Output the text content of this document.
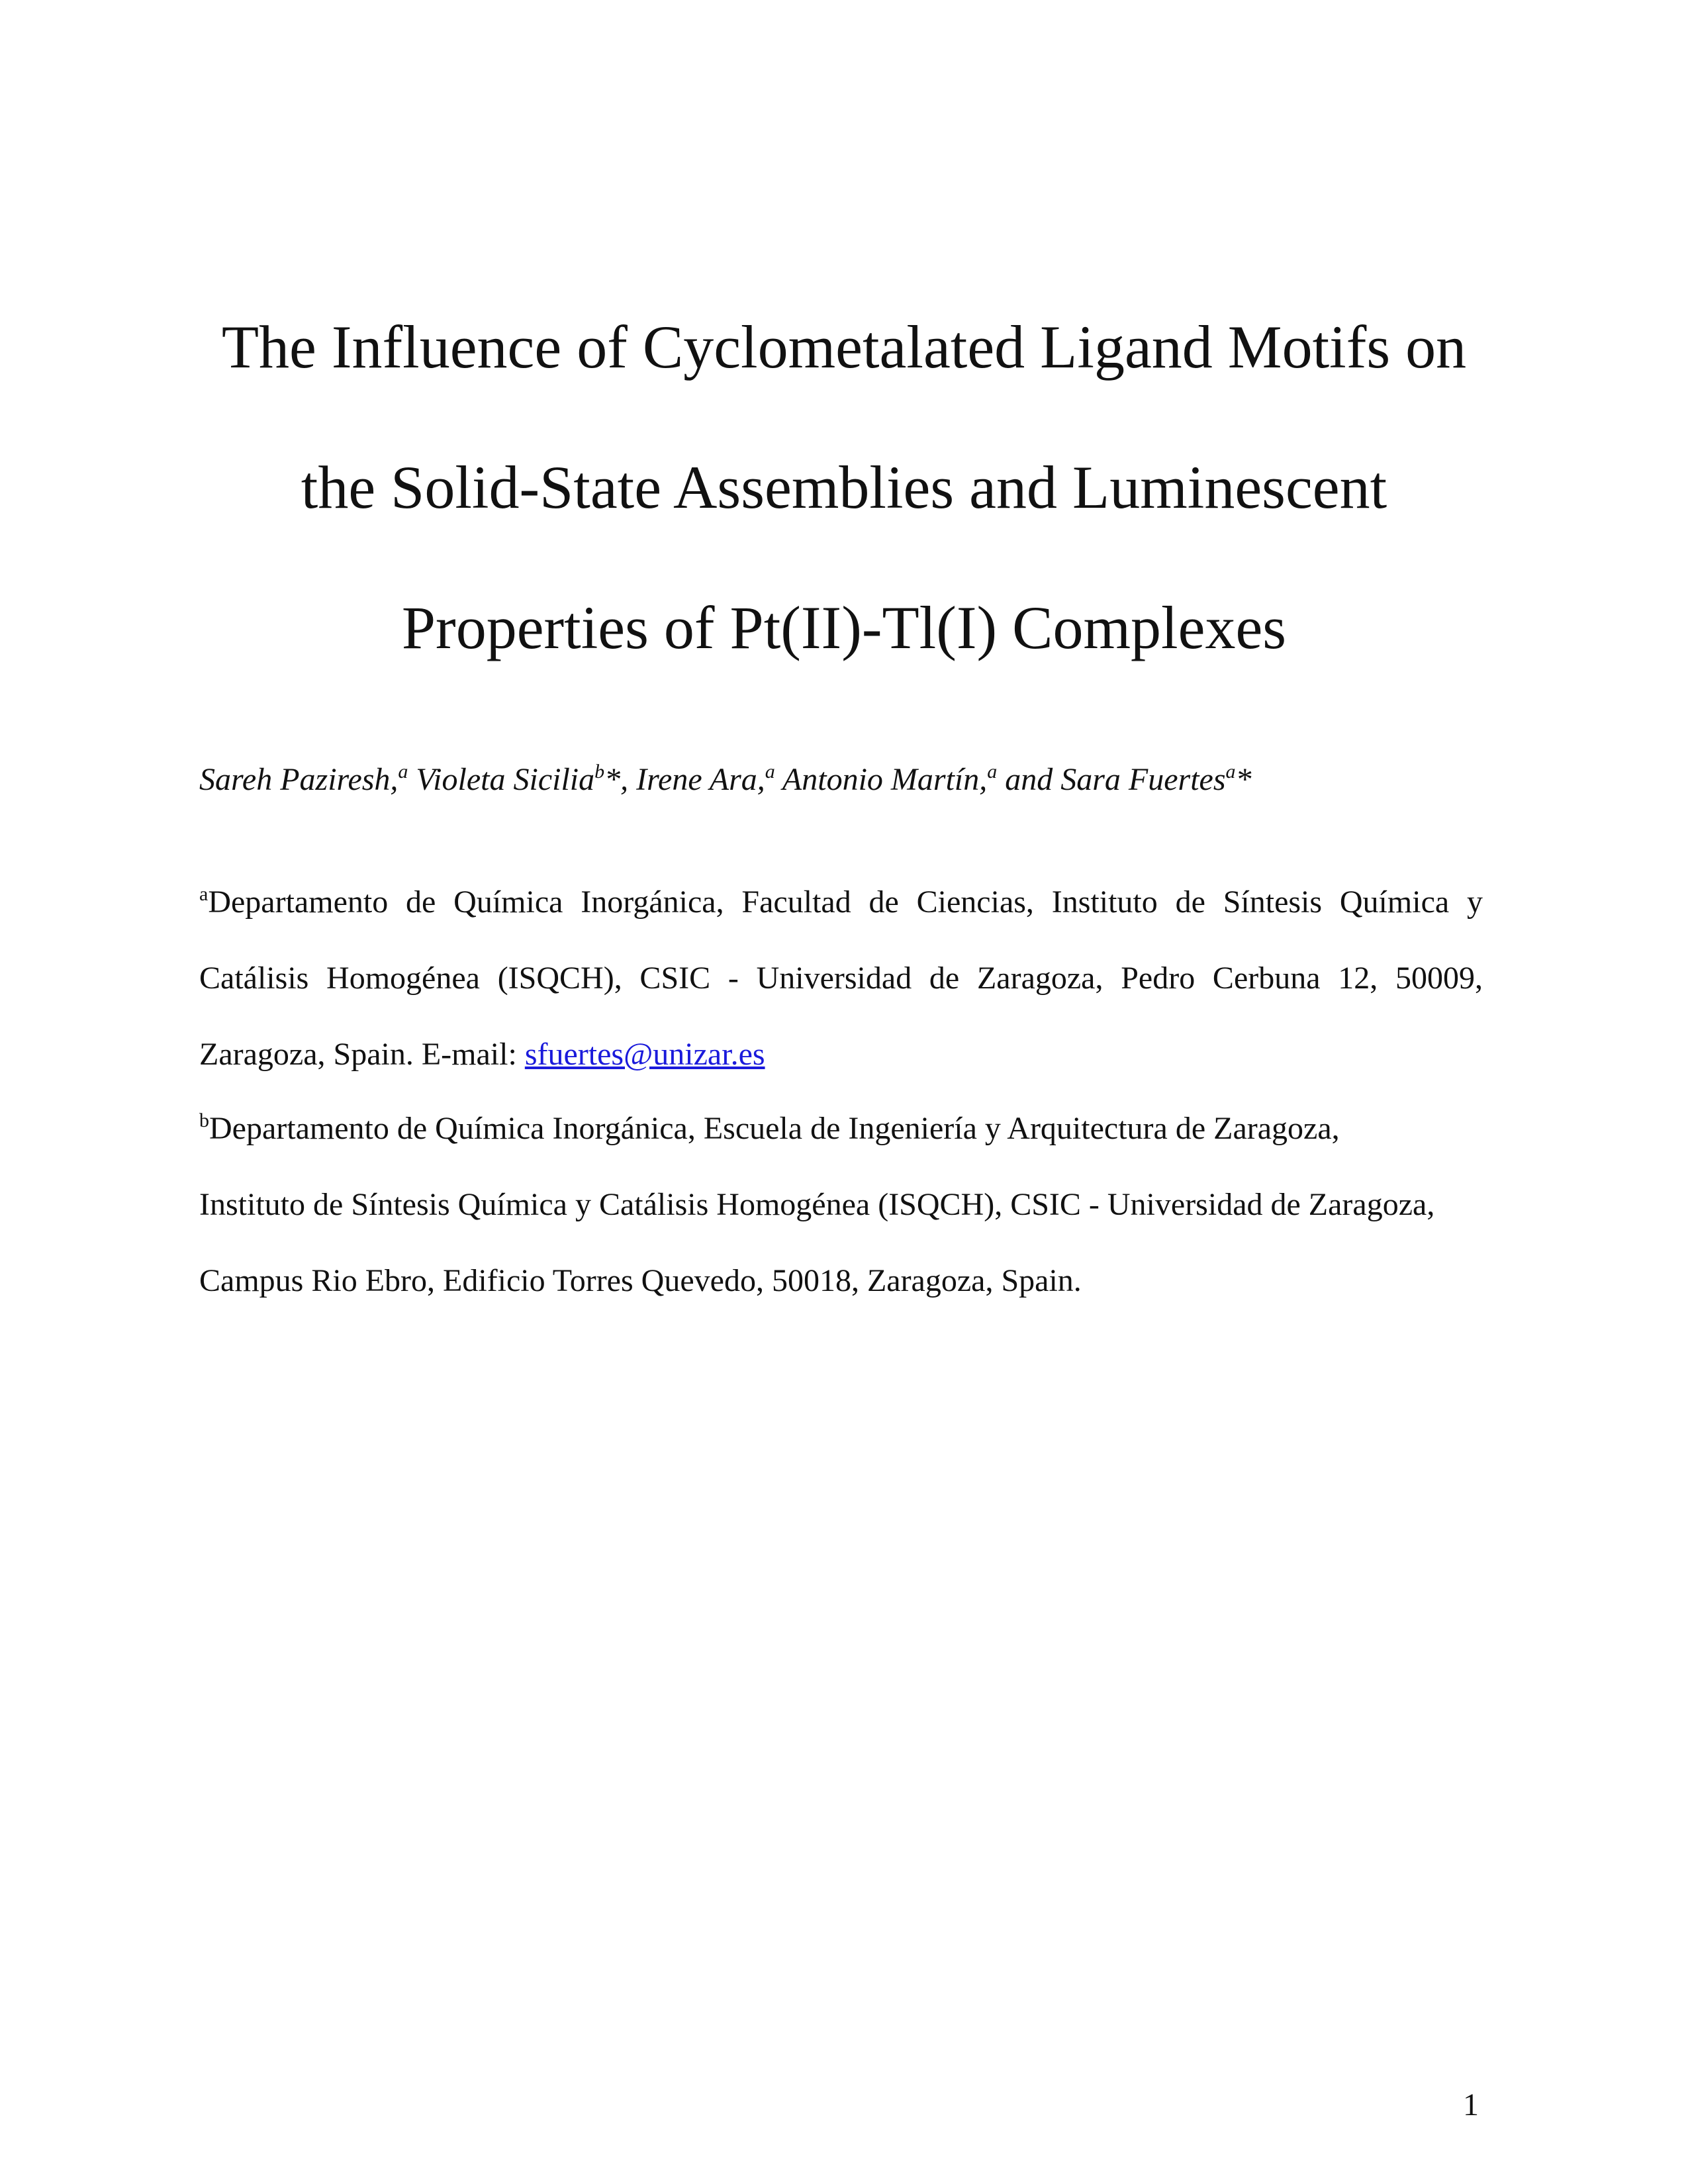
The Influence of Cyclometalated Ligand Motifs on
the Solid-State Assemblies and Luminescent
Properties of Pt(II)-Tl(I) Complexes
Sareh Paziresh,$^a$ Violeta Sicilia$^b$*, Irene Ara,$^a$ Antonio Martín,$^a$ and Sara Fuertes$^a$*
$^a$Departamento de Química Inorgánica, Facultad de Ciencias, Instituto de Síntesis Química y
Catálisis Homogénea (ISQCH), CSIC - Universidad de Zaragoza, Pedro Cerbuna 12, 50009,
Zaragoza, Spain. E-mail: sfuertes@unizar.es
$^b$Departamento de Química Inorgánica, Escuela de Ingeniería y Arquitectura de Zaragoza,
Instituto de Síntesis Química y Catálisis Homogénea (ISQCH), CSIC - Universidad de Zaragoza,
Campus Rio Ebro, Edificio Torres Quevedo, 50018, Zaragoza, Spain.
1
